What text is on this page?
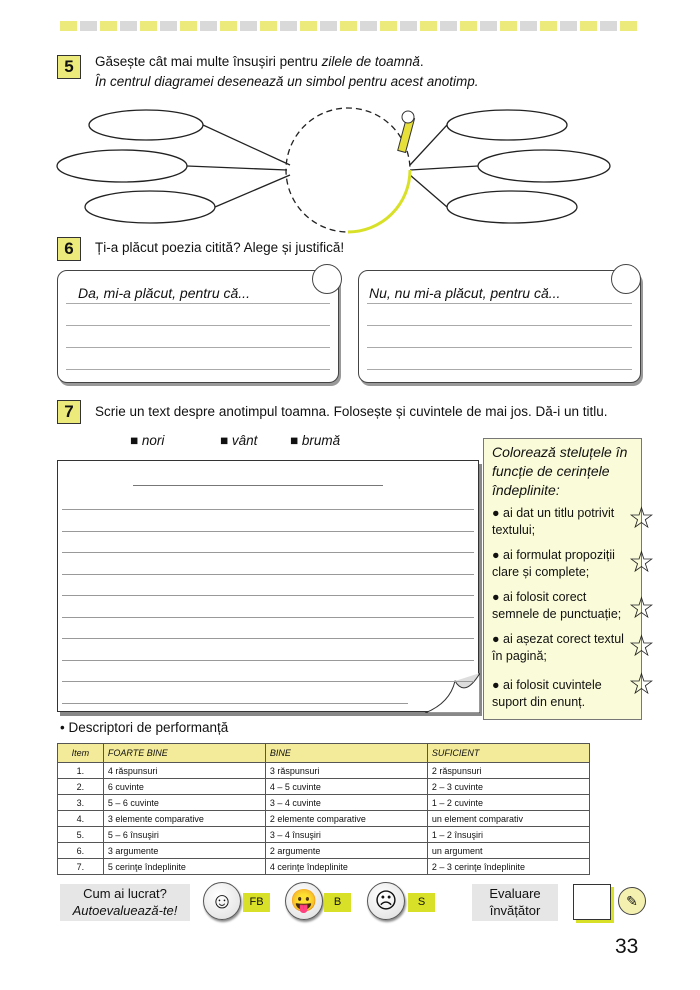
5	Găsește cât mai multe însușiri pentru zilele de toamnă.
În centrul diagramei desenează un simbol pentru acest anotimp.
6	Ți-a plăcut poezia citită? Alege și justifică!
Da, mi-a plăcut, pentru că...	Nu, nu mi-a plăcut, pentru că...
7	Scrie un text despre anotimpul toamna. Folosește și cuvintele de mai jos. Dă-i un titlu.
■ nori	■ vânt ■ brumă
Colorează steluțele în funcție de cerințele îndeplinite:
● ai dat un titlu potrivit textului;
● ai formulat propoziții clare și complete;
● ai folosit corect semnele de punctuație;
● ai așezat corect textul în pagină;
● ai folosit cuvintele suport din enunț.
☆
☆
☆
☆
☆
• Descriptori de performanță
Item	FOARTE BINE	BINE	SUFICIENT
1.	4 răspunsuri	3 răspunsuri	2 răspunsuri
2.	6 cuvinte	4 – 5 cuvinte	2 – 3 cuvinte
3.	5 – 6 cuvinte	3 – 4 cuvinte	1 – 2 cuvinte
4.	3 elemente comparative	2 elemente comparative	un element comparativ
5.	5 – 6 însuşiri	3 – 4 însuşiri	1 – 2 însuşiri
6.	3 argumente	2 argumente	un argument
7.	5 cerinţe îndeplinite	4 cerinţe îndeplinite	2 – 3 cerinţe îndeplinite
Cum ai lucrat?
Autoevaluează-te!	☺	FB 😛	B	☹	S
Evaluare
învățător
✎
33
